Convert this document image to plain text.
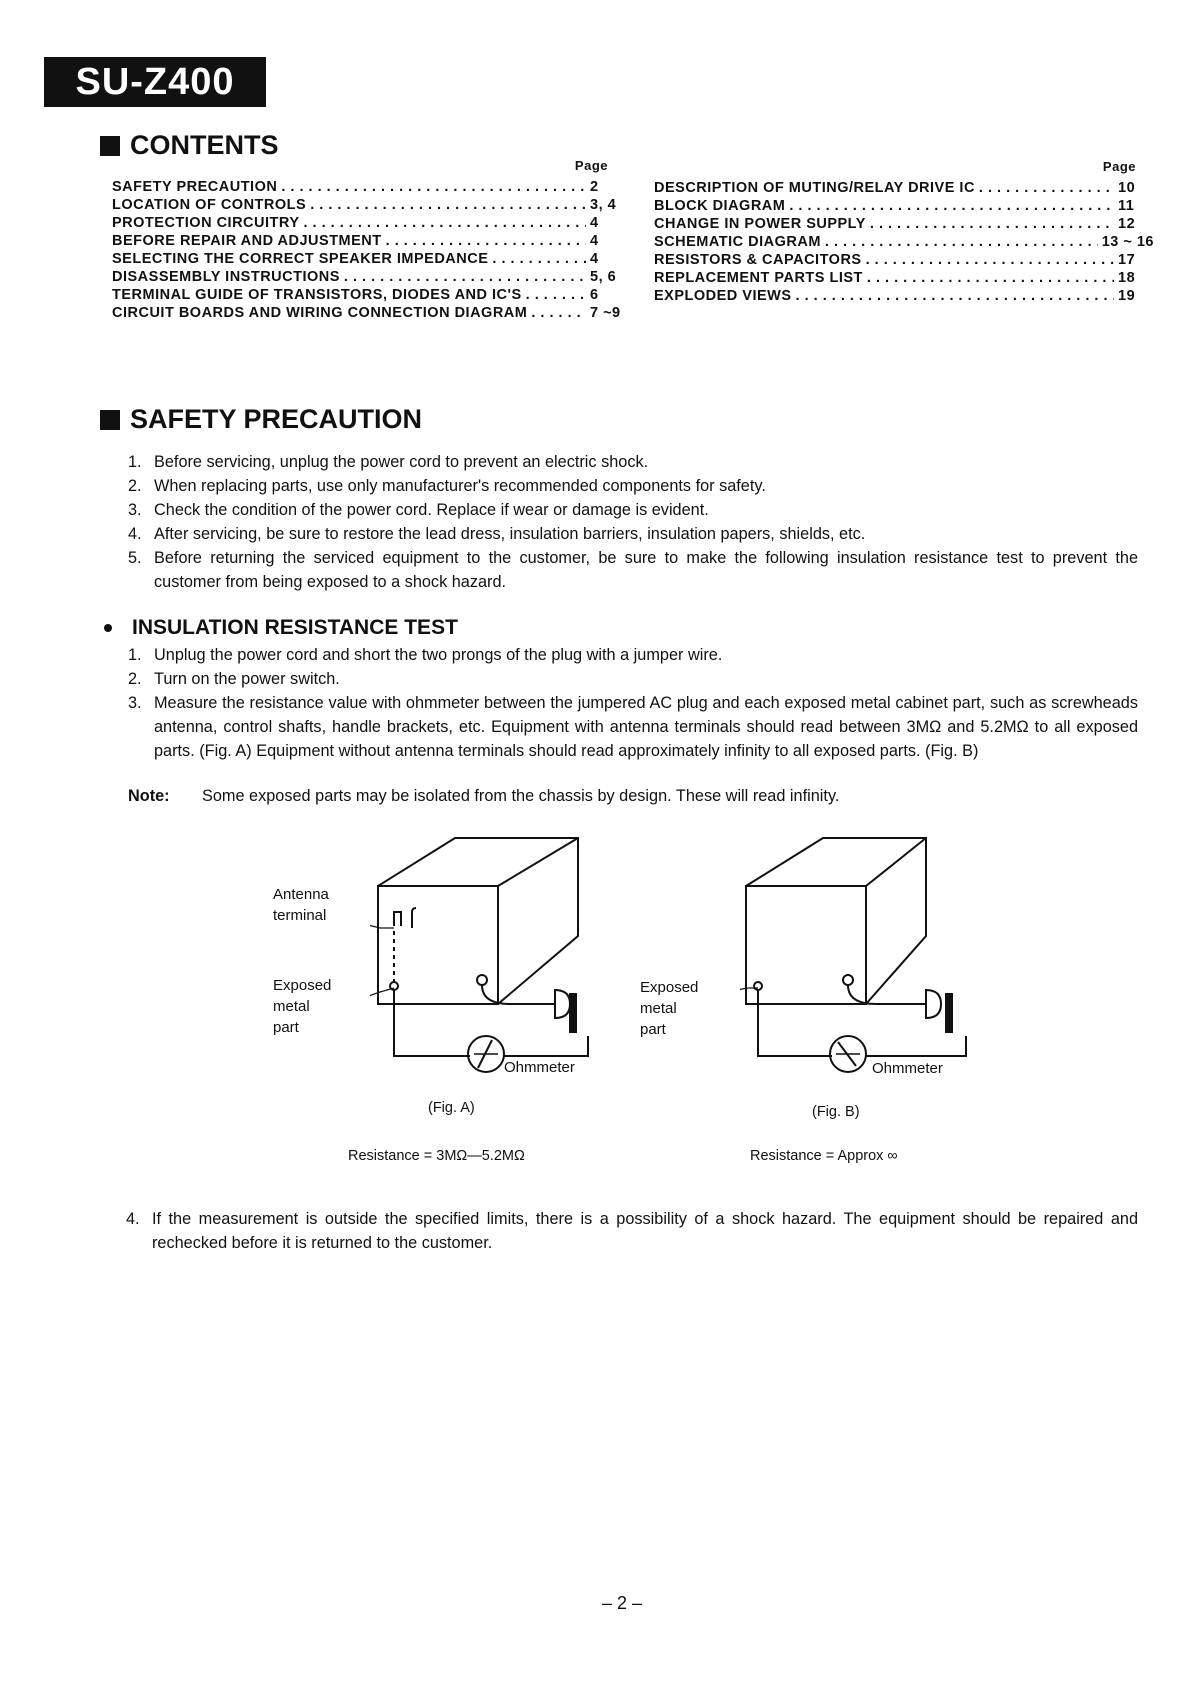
SU-Z400
CONTENTS
Page
SAFETY PRECAUTION . . .	2
LOCATION OF CONTROLS . . .	3, 4
PROTECTION CIRCUITRY . . .	4
BEFORE REPAIR AND ADJUSTMENT . . .	4
SELECTING THE CORRECT SPEAKER IMPEDANCE . . .	4
DISASSEMBLY INSTRUCTIONS . . .	5, 6
TERMINAL GUIDE OF TRANSISTORS, DIODES AND IC'S . . .	6
CIRCUIT BOARDS AND WIRING CONNECTION DIAGRAM . . .	7 ~9
Page
DESCRIPTION OF MUTING/RELAY DRIVE IC . . .	10
BLOCK DIAGRAM . . .	11
CHANGE IN POWER SUPPLY . . .	12
SCHEMATIC DIAGRAM . . .	13 ~ 16
RESISTORS & CAPACITORS . . .	17
REPLACEMENT PARTS LIST . . .	18
EXPLODED VIEWS . . .	19
SAFETY PRECAUTION
1. Before servicing, unplug the power cord to prevent an electric shock.
2. When replacing parts, use only manufacturer's recommended components for safety.
3. Check the condition of the power cord. Replace if wear or damage is evident.
4. After servicing, be sure to restore the lead dress, insulation barriers, insulation papers, shields, etc.
5. Before returning the serviced equipment to the customer, be sure to make the following insulation resistance test to prevent the customer from being exposed to a shock hazard.
INSULATION RESISTANCE TEST
1. Unplug the power cord and short the two prongs of the plug with a jumper wire.
2. Turn on the power switch.
3. Measure the resistance value with ohmmeter between the jumpered AC plug and each exposed metal cabinet part, such as screwheads antenna, control shafts, handle brackets, etc. Equipment with antenna terminals should read between 3MΩ and 5.2MΩ to all exposed parts. (Fig. A) Equipment without antenna terminals should read approximately infinity to all exposed parts. (Fig. B)
Note: Some exposed parts may be isolated from the chassis by design. These will read infinity.
Antenna
terminal
Exposed
metal
part
Ohmmeter
(Fig. A)
Resistance = 3MΩ—5.2MΩ
Exposed
metal
part
Ohmmeter
(Fig. B)
Resistance = Approx ∞
4. If the measurement is outside the specified limits, there is a possibility of a shock hazard. The equipment should be repaired and rechecked before it is returned to the customer.
– 2 –
